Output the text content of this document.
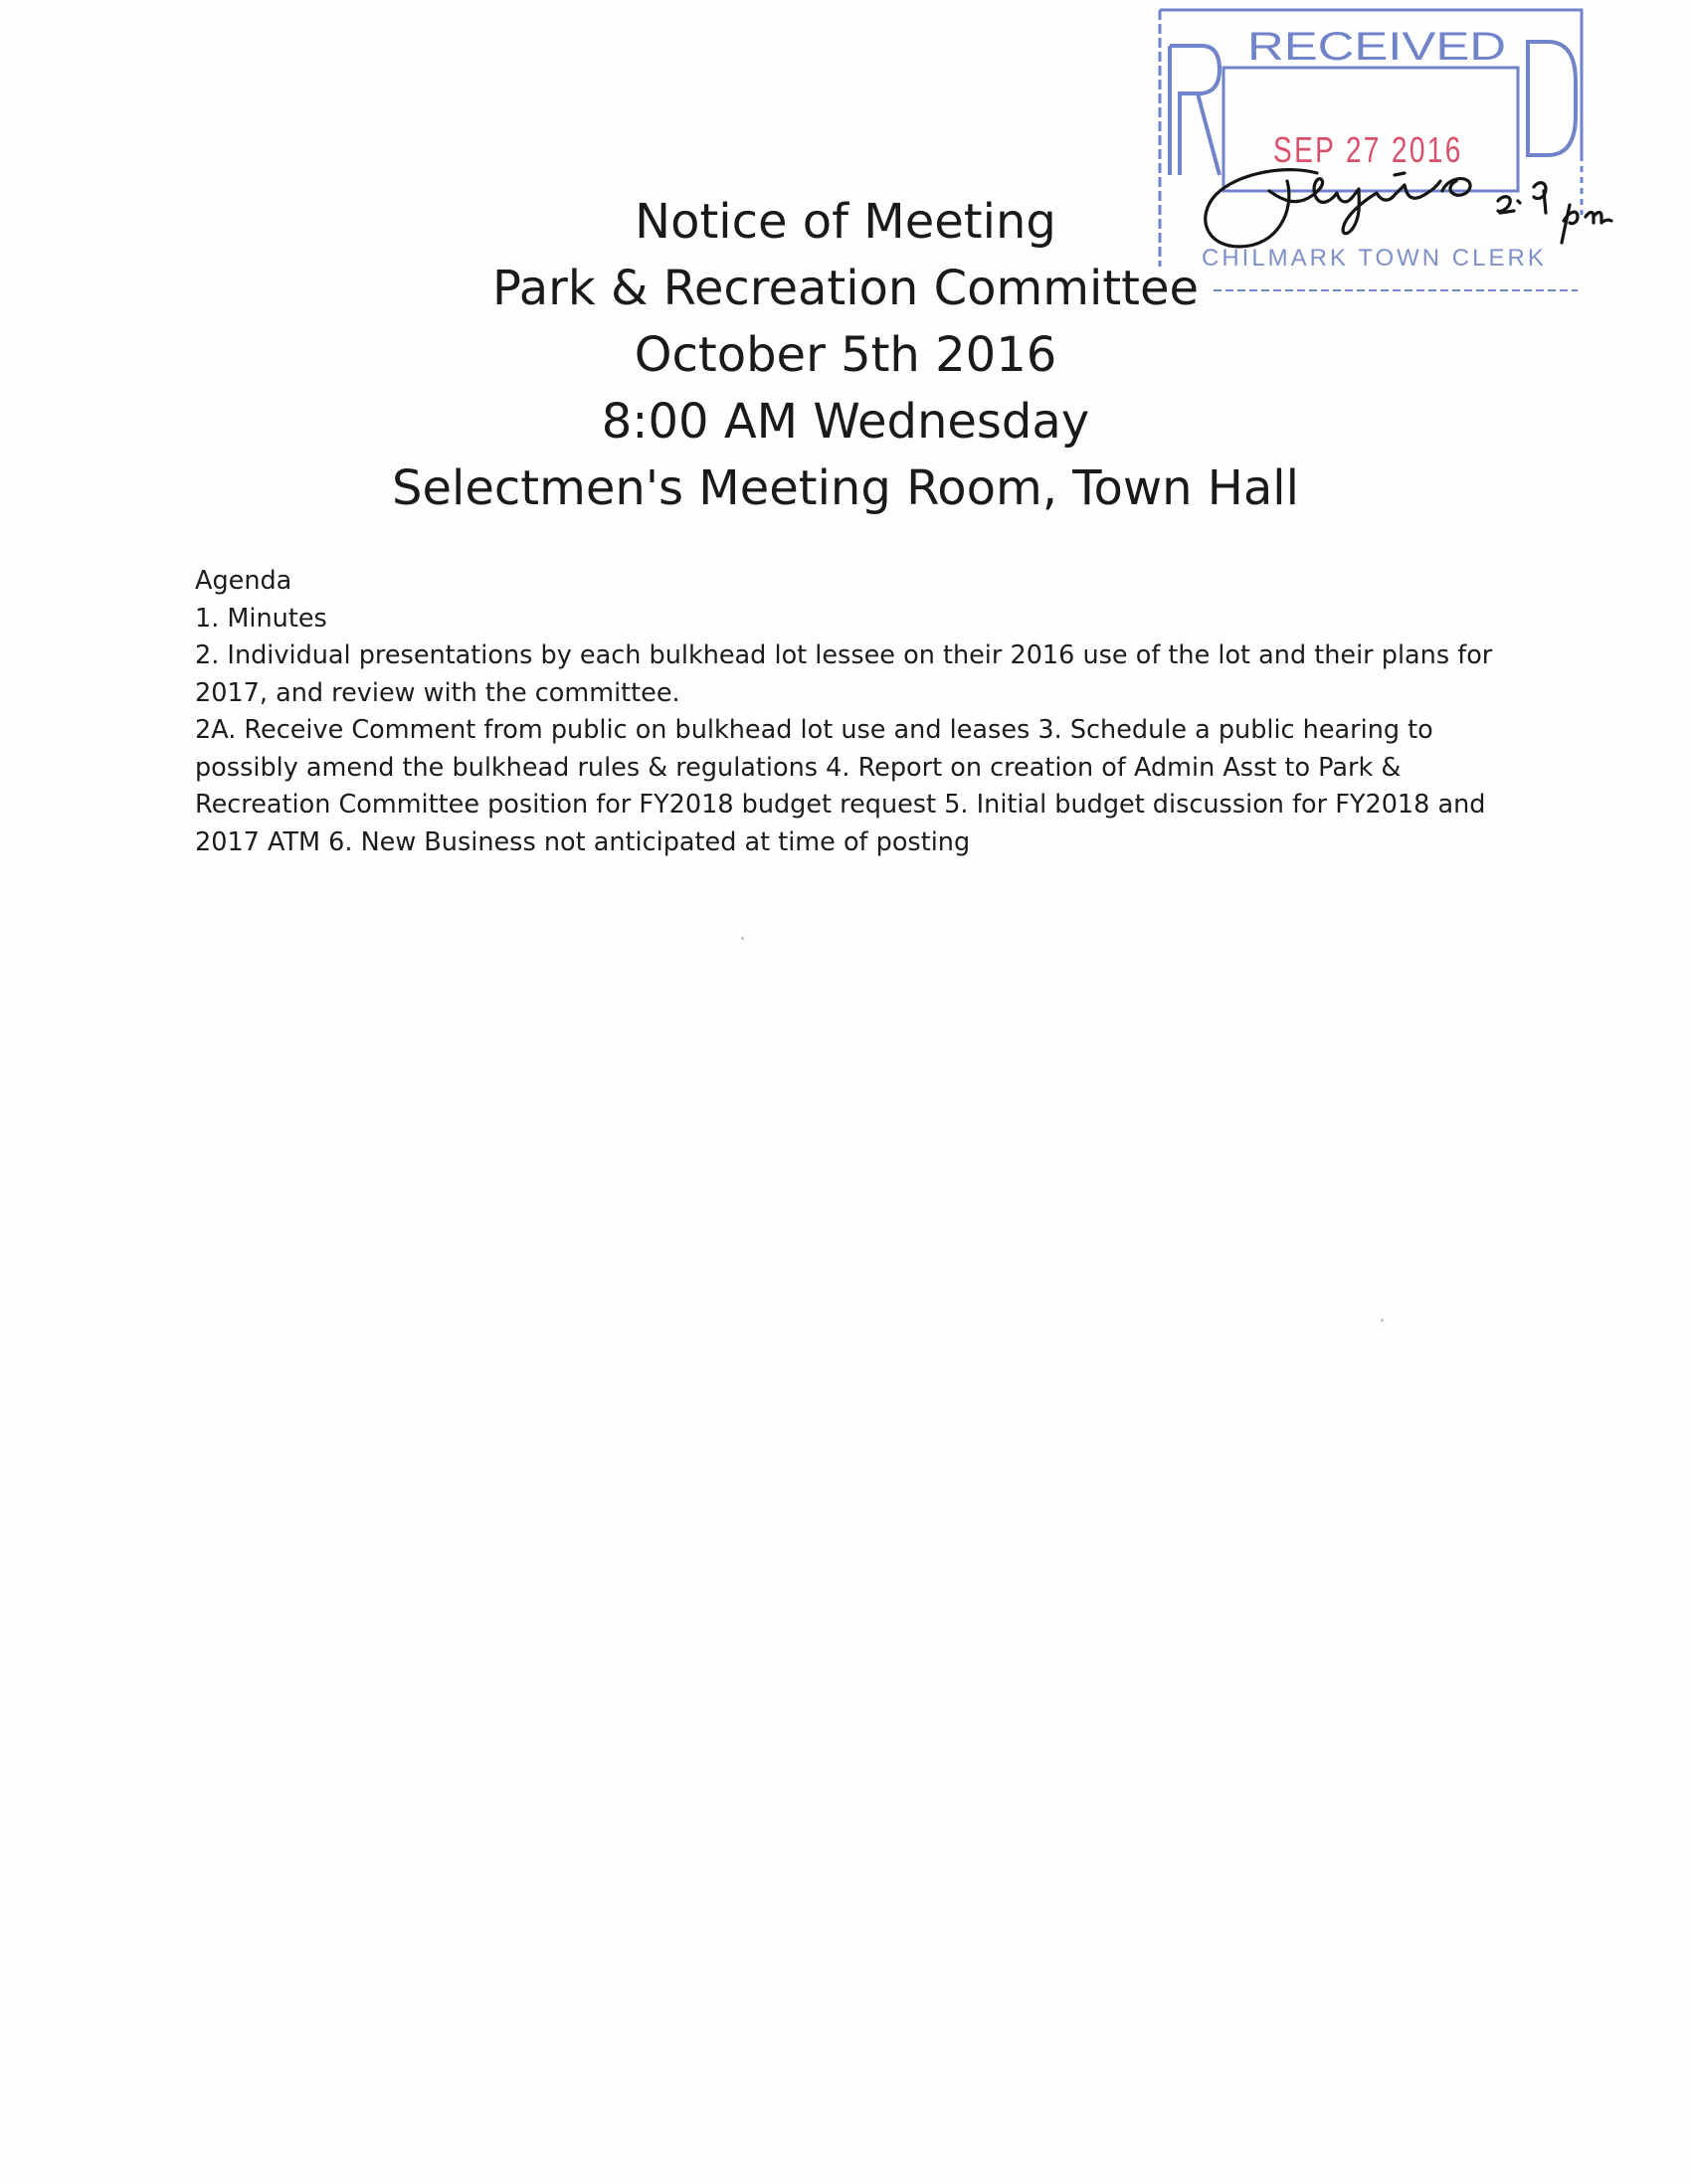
Notice of Meeting
Park & Recreation Committee
October 5th 2016
8:00 AM Wednesday
Selectmen's Meeting Room, Town Hall
Agenda
1. Minutes
2. Individual presentations by each bulkhead lot lessee on their 2016 use of the lot and their plans for
2017, and review with the committee.
2A. Receive Comment from public on bulkhead lot use and leases 3. Schedule a public hearing to
possibly amend the bulkhead rules & regulations 4. Report on creation of Admin Asst to Park &
Recreation Committee position for FY2018 budget request 5. Initial budget discussion for FY2018 and
2017 ATM 6. New Business not anticipated at time of posting
RECEIVED
SEP 27 2016
CHILMARK TOWN CLERK
